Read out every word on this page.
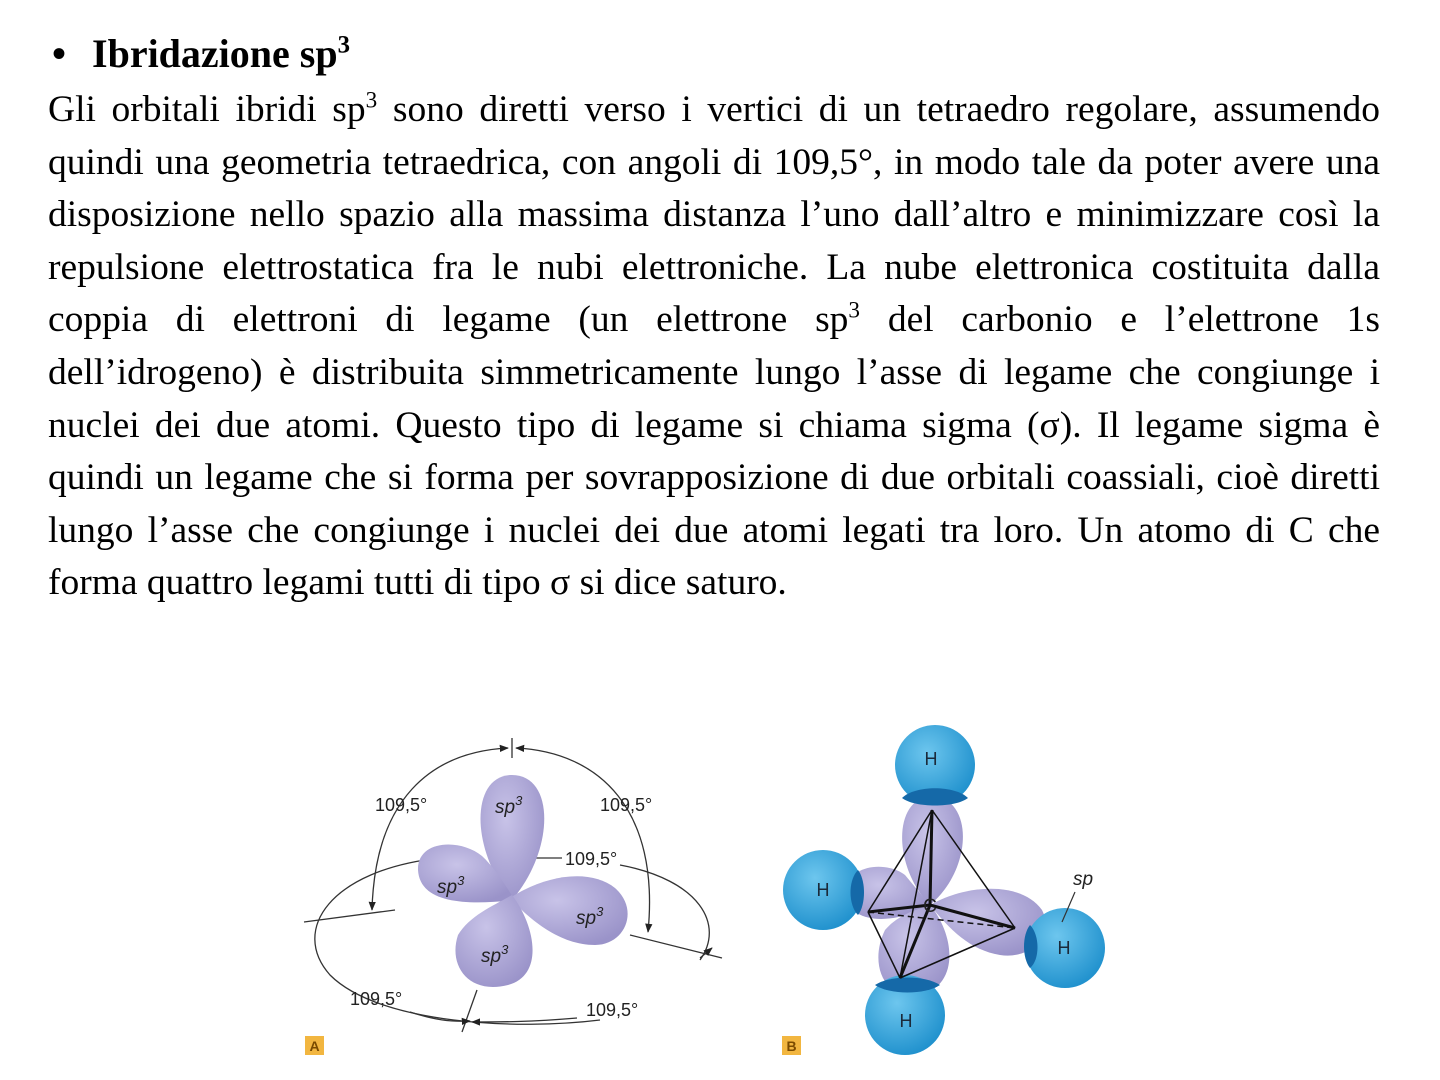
• Ibridazione $sp^3$
Gli orbitali ibridi $sp^3$ sono diretti verso i vertici di un tetraedro regolare, assumendo quindi una geometria tetraedrica, con angoli di 109,5°, in modo tale da poter avere una disposizione nello spazio alla massima distanza l’uno dall’altro e minimizzare così la repulsione elettrostatica fra le nubi elettroniche. La nube elettronica costituita dalla coppia di elettroni di legame (un elettrone $sp^3$ del carbonio e l’elettrone 1s dell’idrogeno) è distribuita simmetricamente lungo l’asse di legame che congiunge i nuclei dei due atomi. Questo tipo di legame si chiama sigma (σ). Il legame sigma è quindi un legame che si forma per sovrapposizione di due orbitali coassiali, cioè diretti lungo l’asse che congiunge i nuclei dei due atomi legati tra loro. Un atomo di C che forma quattro legami tutti di tipo σ si dice saturo.
$sp^3$
$sp^3$
$sp^3$
$sp^3$
109,5°	109,5°
109,5°
109,5°
109,5°
A
C
H
H
H
H
sp
B
